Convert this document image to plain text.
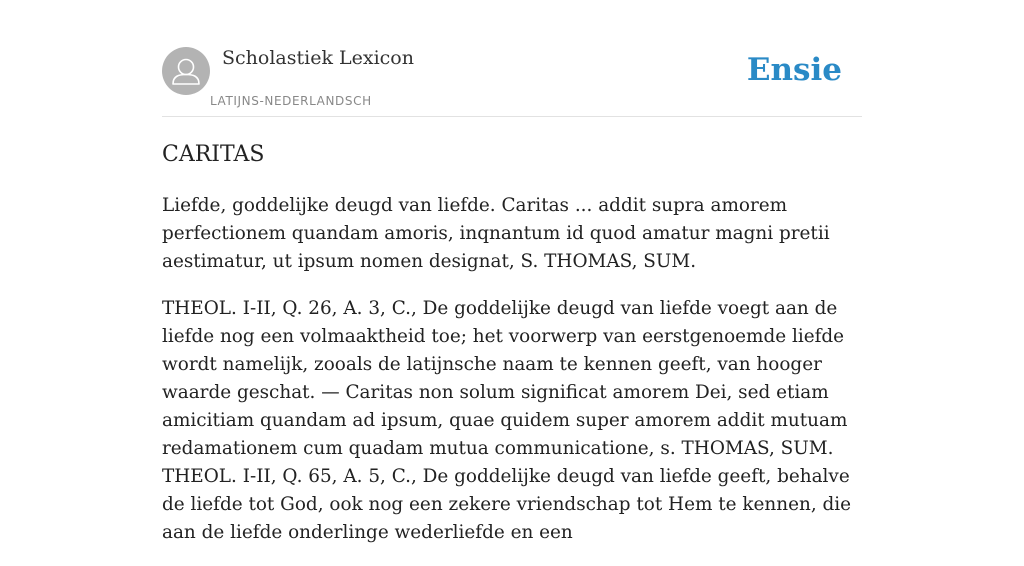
Scholastiek Lexicon
LATIJNS-NEDERLANDSCH
Ensie
CARITAS

Liefde, goddelijke deugd van liefde. Caritas ... addit supra amorem perfectionem quandam amoris, inqnantum id quod amatur magni pretii aestimatur, ut ipsum nomen designat, S. THOMAS, SUM.

THEOL. I-II, Q. 26, A. 3, C., De goddelijke deugd van liefde voegt aan de liefde nog een volmaaktheid toe; het voorwerp van eerstgenoemde liefde wordt namelijk, zooals de latijnsche naam te kennen geeft, van hooger waarde geschat. — Caritas non solum significat amorem Dei, sed etiam amicitiam quandam ad ipsum, quae quidem super amorem addit mutuam redamationem cum quadam mutua communicatione, s. THOMAS, SUM. THEOL. I-II, Q. 65, A. 5, C., De goddelijke deugd van liefde geeft, behalve de liefde tot God, ook nog een zekere vriendschap tot Hem te kennen, die aan de liefde onderlinge wederliefde en een
